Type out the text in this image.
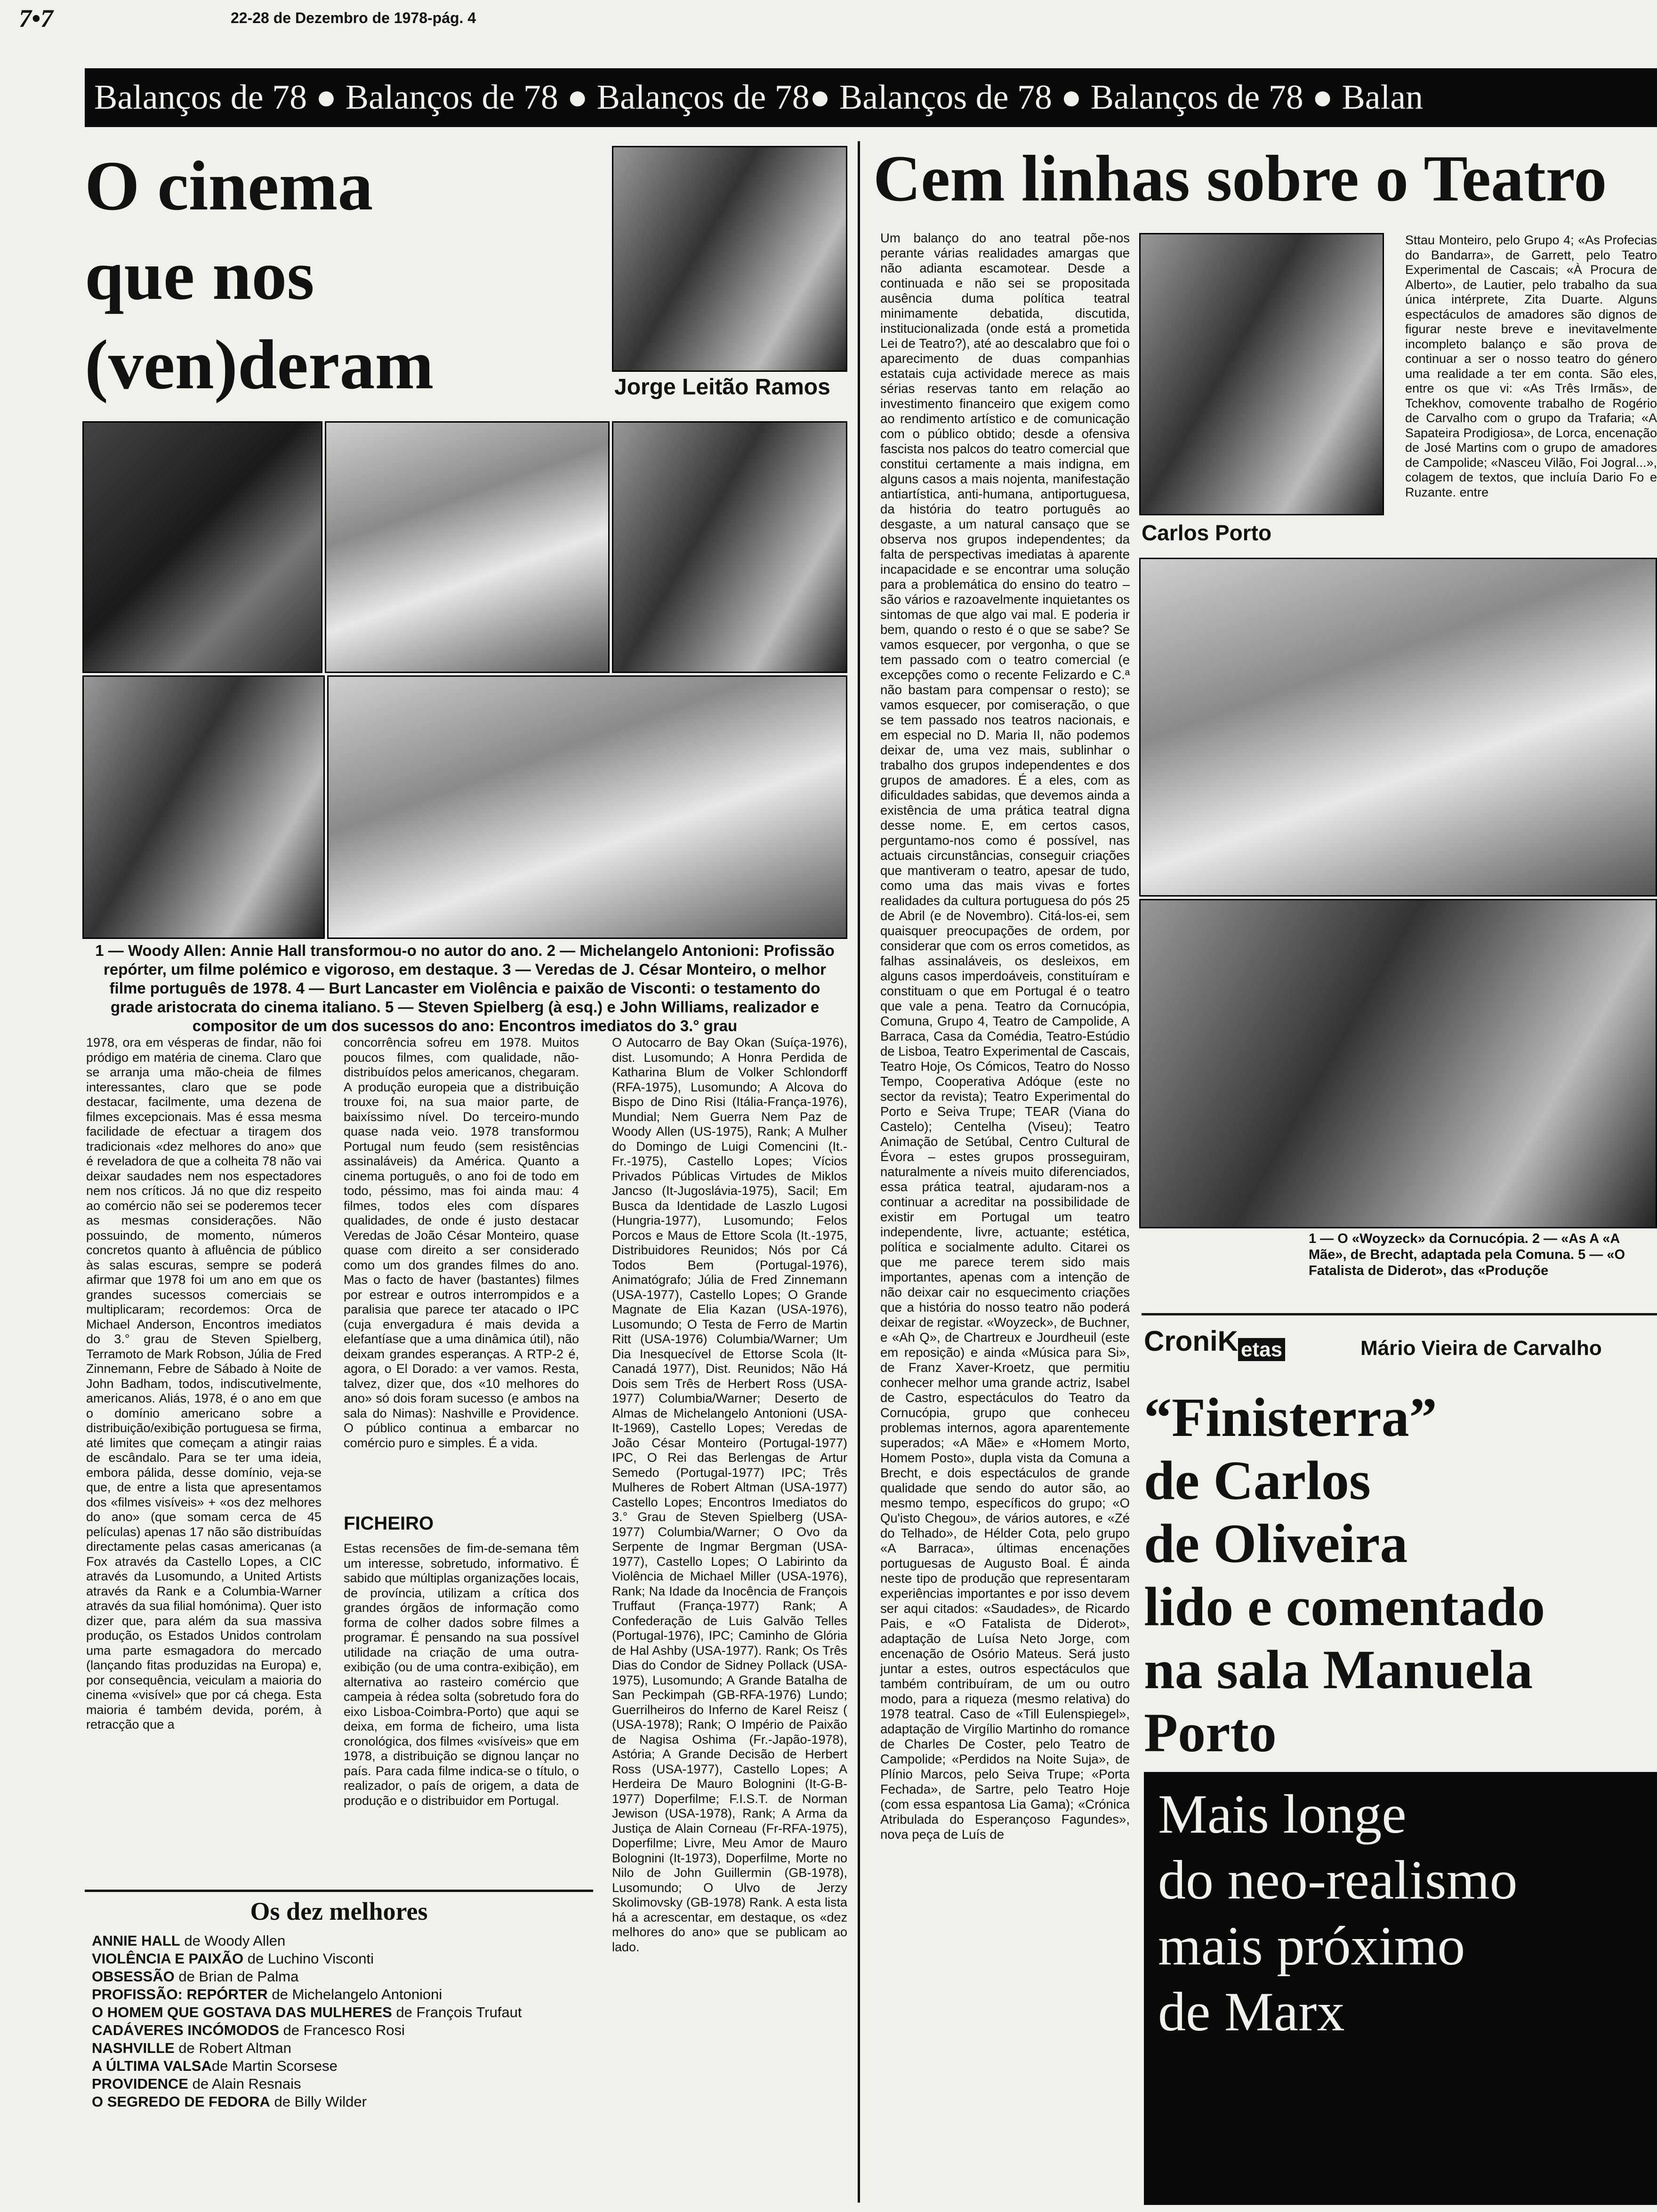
7•7	22-28 de Dezembro de 1978-pág. 4
Balanços de 78 ● Balanços de 78 ● Balanços de 78● Balanços de 78 ● Balanços de 78 ● Balan
O cinema
que nos
(ven)deram	Jorge Leitão Ramos
1 — Woody Allen: Annie Hall transformou-o no autor do ano. 2 — Michelangelo Antonioni: Profissão repórter, um filme polémico e vigoroso, em destaque. 3 — Veredas de J. César Monteiro, o melhor filme português de 1978. 4 — Burt Lancaster em Violência e paixão de Visconti: o testamento do grade aristocrata do cinema italiano. 5 — Steven Spielberg (à esq.) e John Williams, realizador e compositor de um dos sucessos do ano: Encontros imediatos do 3.° grau
1978, ora em vésperas de findar, não foi pródigo em matéria de cinema. Claro que se arranja uma mão-cheia de filmes interessantes, claro que se pode destacar, facilmente, uma dezena de filmes excepcionais. Mas é essa mesma facilidade de efectuar a tiragem dos tradicionais «dez melhores do ano» que é reveladora de que a colheita 78 não vai deixar saudades nem nos espectadores nem nos críticos. Já no que diz respeito ao comércio não sei se poderemos tecer as mesmas considerações. Não possuindo, de momento, números concretos quanto à afluência de público às salas escuras, sempre se poderá afirmar que 1978 foi um ano em que os grandes sucessos comerciais se multiplicaram; recordemos: Orca de Michael Anderson, Encontros imediatos do 3.° grau de Steven Spielberg, Terramoto de Mark Robson, Júlia de Fred Zinnemann, Febre de Sábado à Noite de John Badham, todos, indiscutivelmente, americanos. Aliás, 1978, é o ano em que o domínio americano sobre a distribuição/exibição portuguesa se firma, até limites que começam a atingir raias de escândalo. Para se ter uma ideia, embora pálida, desse domínio, veja-se que, de entre a lista que apresentamos dos «filmes visíveis» + «os dez melhores do ano» (que somam cerca de 45 películas) apenas 17 não são distribuídas directamente pelas casas americanas (a Fox através da Castello Lopes, a CIC através da Lusomundo, a United Artists através da Rank e a Columbia-Warner através da sua filial homónima). Quer isto dizer que, para além da sua massiva produção, os Estados Unidos controlam uma parte esmagadora do mercado (lançando fitas produzidas na Europa) e, por consequência, veiculam a maioria do cinema «visível» que por cá chega. Esta maioria é também devida, porém, à retracção que a
concorrência sofreu em 1978. Muitos poucos filmes, com qualidade, não-distribuídos pelos americanos, chegaram. A produção europeia que a distribuição trouxe foi, na sua maior parte, de baixíssimo nível. Do terceiro-mundo quase nada veio. 1978 transformou Portugal num feudo (sem resistências assinaláveis) da América. Quanto a cinema português, o ano foi de todo em todo, péssimo, mas foi ainda mau: 4 filmes, todos eles com díspares qualidades, de onde é justo destacar Veredas de João César Monteiro, quase quase com direito a ser considerado como um dos grandes filmes do ano. Mas o facto de haver (bastantes) filmes por estrear e outros interrompidos e a paralisia que parece ter atacado o IPC (cuja envergadura é mais devida a elefantíase que a uma dinâmica útil), não deixam grandes esperanças. A RTP-2 é, agora, o El Dorado: a ver vamos. Resta, talvez, dizer que, dos «10 melhores do ano» só dois foram sucesso (e ambos na sala do Nimas): Nashville e Providence. O público continua a embarcar no comércio puro e simples. É a vida.
FICHEIRO
Estas recensões de fim-de-semana têm um interesse, sobretudo, informativo. É sabido que múltiplas organizações locais, de província, utilizam a crítica dos grandes órgãos de informação como forma de colher dados sobre filmes a programar. É pensando na sua possível utilidade na criação de uma outra-exibição (ou de uma contra-exibição), em alternativa ao rasteiro comércio que campeia à rédea solta (sobretudo fora do eixo Lisboa-Coimbra-Porto) que aqui se deixa, em forma de ficheiro, uma lista cronológica, dos filmes «visíveis» que em 1978, a distribuição se dignou lançar no país. Para cada filme indica-se o título, o realizador, o país de origem, a data de produção e o distribuidor em Portugal.
O Autocarro de Bay Okan (Suíça-1976), dist. Lusomundo; A Honra Perdida de Katharina Blum de Volker Schlondorff (RFA-1975), Lusomundo; A Alcova do Bispo de Dino Risi (Itália-França-1976), Mundial; Nem Guerra Nem Paz de Woody Allen (US-1975), Rank; A Mulher do Domingo de Luigi Comencini (It.-Fr.-1975), Castello Lopes; Vícios Privados Públicas Virtudes de Miklos Jancso (It-Jugoslávia-1975), Sacil; Em Busca da Identidade de Laszlo Lugosi (Hungria-1977), Lusomundo; Felos Porcos e Maus de Ettore Scola (It.-1975, Distribuidores Reunidos; Nós por Cá Todos Bem (Portugal-1976), Animatógrafo; Júlia de Fred Zinnemann (USA-1977), Castello Lopes; O Grande Magnate de Elia Kazan (USA-1976), Lusomundo; O Testa de Ferro de Martin Ritt (USA-1976) Columbia/Warner; Um Dia Inesquecível de Ettorse Scola (It-Canadá 1977), Dist. Reunidos; Não Há Dois sem Três de Herbert Ross (USA-1977) Columbia/Warner; Deserto de Almas de Michelangelo Antonioni (USA-It-1969), Castello Lopes; Veredas de João César Monteiro (Portugal-1977) IPC, O Rei das Berlengas de Artur Semedo (Portugal-1977) IPC; Três Mulheres de Robert Altman (USA-1977) Castello Lopes; Encontros Imediatos do 3.° Grau de Steven Spielberg (USA-1977) Columbia/Warner; O Ovo da Serpente de Ingmar Bergman (USA-1977), Castello Lopes; O Labirinto da Violência de Michael Miller (USA-1976), Rank; Na Idade da Inocência de François Truffaut (França-1977) Rank; A Confederação de Luis Galvão Telles (Portugal-1976), IPC; Caminho de Glória de Hal Ashby (USA-1977). Rank; Os Três Dias do Condor de Sidney Pollack (USA-1975), Lusomundo; A Grande Batalha de San Peckimpah (GB-RFA-1976) Lundo; Guerrilheiros do Inferno de Karel Reisz ( (USA-1978); Rank; O Império de Paixão de Nagisa Oshima (Fr.-Japão-1978), Astória; A Grande Decisão de Herbert Ross (USA-1977), Castello Lopes; A Herdeira De Mauro Bolognini (It-G-B-1977) Doperfilme; F.I.S.T. de Norman Jewison (USA-1978), Rank; A Arma da Justiça de Alain Corneau (Fr-RFA-1975), Doperfilme; Livre, Meu Amor de Mauro Bolognini (It-1973), Doperfilme, Morte no Nilo de John Guillermin (GB-1978), Lusomundo; O Ulvo de Jerzy Skolimovsky (GB-1978) Rank. A esta lista há a acrescentar, em destaque, os «dez melhores do ano» que se publicam ao lado.
Os dez melhores
ANNIE HALL de Woody Allen
VIOLÊNCIA E PAIXÃO de Luchino Visconti
OBSESSÃO de Brian de Palma
PROFISSÃO: REPÓRTER de Michelangelo Antonioni
O HOMEM QUE GOSTAVA DAS MULHERES de François Trufaut
CADÁVERES INCÓMODOS de Francesco Rosi
NASHVILLE de Robert Altman
A ÚLTIMA VALSAde Martin Scorsese
PROVIDENCE de Alain Resnais
O SEGREDO DE FEDORA de Billy Wilder
Cem linhas sobre o Teatro
Um balanço do ano teatral põe-nos perante várias realidades amargas que não adianta escamotear. Desde a continuada e não sei se propositada ausência duma política teatral minimamente debatida, discutida, institucionalizada (onde está a prometida Lei de Teatro?), até ao descalabro que foi o aparecimento de duas companhias estatais cuja actividade merece as mais sérias reservas tanto em relação ao investimento financeiro que exigem como ao rendimento artístico e de comunicação com o público obtido; desde a ofensiva fascista nos palcos do teatro comercial que constitui certamente a mais indigna, em alguns casos a mais nojenta, manifestação antiartística, anti-humana, antiportuguesa, da história do teatro português ao desgaste, a um natural cansaço que se observa nos grupos independentes; da falta de perspectivas imediatas à aparente incapacidade e se encontrar uma solução para a problemática do ensino do teatro – são vários e razoavelmente inquietantes os sintomas de que algo vai mal. E poderia ir bem, quando o resto é o que se sabe? Se vamos esquecer, por vergonha, o que se tem passado com o teatro comercial (e excepções como o recente Felizardo e C.ª não bastam para compensar o resto); se vamos esquecer, por comiseração, o que se tem passado nos teatros nacionais, e em especial no D. Maria II, não podemos deixar de, uma vez mais, sublinhar o trabalho dos grupos independentes e dos grupos de amadores. É a eles, com as dificuldades sabidas, que devemos ainda a existência de uma prática teatral digna desse nome. E, em certos casos, perguntamo-nos como é possível, nas actuais circunstâncias, conseguir criações que mantiveram o teatro, apesar de tudo, como uma das mais vivas e fortes realidades da cultura portuguesa do pós 25 de Abril (e de Novembro). Citá-los-ei, sem quaisquer preocupações de ordem, por considerar que com os erros cometidos, as falhas assinaláveis, os desleixos, em alguns casos imperdoáveis, constituíram e constituam o que em Portugal é o teatro que vale a pena. Teatro da Cornucópia, Comuna, Grupo 4, Teatro de Campolide, A Barraca, Casa da Comédia, Teatro-Estúdio de Lisboa, Teatro Experimental de Cascais, Teatro Hoje, Os Cómicos, Teatro do Nosso Tempo, Cooperativa Adóque (este no sector da revista); Teatro Experimental do Porto e Seiva Trupe; TEAR (Viana do Castelo); Centelha (Viseu); Teatro Animação de Setúbal, Centro Cultural de Évora – estes grupos prosseguiram, naturalmente a níveis muito diferenciados, essa prática teatral, ajudaram-nos a continuar a acreditar na possibilidade de existir em Portugal um teatro independente, livre, actuante; estética, política e socialmente adulto. Citarei os que me parece terem sido mais importantes, apenas com a intenção de não deixar cair no esquecimento criações que a história do nosso teatro não poderá deixar de registar. «Woyzeck», de Buchner, e «Ah Q», de Chartreux e Jourdheuil (este em reposição) e ainda «Música para Si», de Franz Xaver-Kroetz, que permitiu conhecer melhor uma grande actriz, Isabel de Castro, espectáculos do Teatro da Cornucópia, grupo que conheceu problemas internos, agora aparentemente superados; «A Mãe» e «Homem Morto, Homem Posto», dupla vista da Comuna a Brecht, e dois espectáculos de grande qualidade que sendo do autor são, ao mesmo tempo, específicos do grupo; «O Qu'isto Chegou», de vários autores, e «Zé do Telhado», de Hélder Cota, pelo grupo «A Barraca», últimas encenações portuguesas de Augusto Boal. É ainda neste tipo de produção que representaram experiências importantes e por isso devem ser aqui citados: «Saudades», de Ricardo Pais, e «O Fatalista de Diderot», adaptação de Luísa Neto Jorge, com encenação de Osório Mateus. Será justo juntar a estes, outros espectáculos que também contribuíram, de um ou outro modo, para a riqueza (mesmo relativa) do 1978 teatral. Caso de «Till Eulenspiegel», adaptação de Virgílio Martinho do romance de Charles De Coster, pelo Teatro de Campolide; «Perdidos na Noite Suja», de Plínio Marcos, pelo Seiva Trupe; «Porta Fechada», de Sartre, pelo Teatro Hoje (com essa espantosa Lia Gama); «Crónica Atribulada do Esperançoso Fagundes», nova peça de Luís de
Carlos Porto
Sttau Monteiro, pelo Grupo 4; «As Profecias do Bandarra», de Garrett, pelo Teatro Experimental de Cascais; «À Procura de Alberto», de Lautier, pelo trabalho da sua única intérprete, Zita Duarte. Alguns espectáculos de amadores são dignos de figurar neste breve e inevitavelmente incompleto balanço e são prova de continuar a ser o nosso teatro do género uma realidade a ter em conta. São eles, entre os que vi: «As Três Irmãs», de Tchekhov, comovente trabalho de Rogério de Carvalho com o grupo da Trafaria; «A Sapateira Prodigiosa», de Lorca, encenação de José Martins com o grupo de amadores de Campolide; «Nasceu Vilão, Foi Jogral...», colagem de textos, que incluía Dario Fo e Ruzante. entre
1 — O «Woyzeck» da Cornucópia. 2 — «As A «A Mãe», de Brecht, adaptada pela Comuna. 5 — «O Fatalista de Diderot», das «Produçõe
CroniK $_{etas}$	Mário Vieira de Carvalho
“Finisterra”
de Carlos
de Oliveira
lido e comentado
na sala Manuela
Porto
Mais longe
do neo-realismo
mais próximo
de Marx
